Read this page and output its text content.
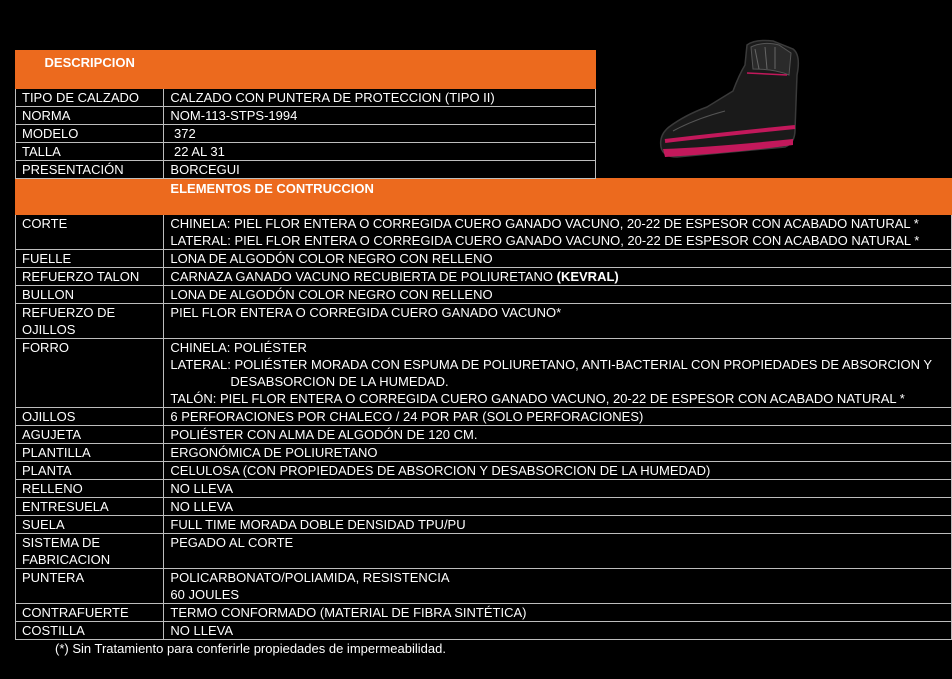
DESCRIPCION		
TIPO DE CALZADO	CALZADO CON PUNTERA DE PROTECCION (TIPO II)	
NORMA	NOM-113-STPS-1994	
MODELO	372	
TALLA	22 AL 31	
PRESENTACIÓN	BORCEGUI	
	ELEMENTOS DE CONTRUCCION	
CORTE	CHINELA: PIEL FLOR ENTERA O CORREGIDA CUERO GANADO VACUNO, 20-22 DE ESPESOR CON ACABADO NATURAL *
LATERAL: PIEL FLOR ENTERA O CORREGIDA CUERO GANADO VACUNO, 20-22 DE ESPESOR CON ACABADO NATURAL *	

FUELLE	LONA DE ALGODÓN COLOR NEGRO CON RELLENO	
REFUERZO TALON	CARNAZA GANADO VACUNO RECUBIERTA DE POLIURETANO (KEVRAL)	
BULLON	LONA DE ALGODÓN COLOR NEGRO CON RELLENO	

REFUERZO DE
OJILLOS	PIEL FLOR ENTERA O CORREGIDA CUERO GANADO VACUNO*	
FORRO	CHINELA: POLIÉSTER
LATERAL: POLIÉSTER MORADA CON ESPUMA DE POLIURETANO, ANTI-BACTERIAL CON PROPIEDADES DE ABSORCION Y
DESABSORCION DE LA HUMEDAD.
TALÓN: PIEL FLOR ENTERA O CORREGIDA CUERO GANADO VACUNO, 20-22 DE ESPESOR CON ACABADO NATURAL *	

OJILLOS	6 PERFORACIONES POR CHALECO / 24 POR PAR (SOLO PERFORACIONES)	
AGUJETA	POLIÉSTER CON ALMA DE ALGODÓN DE 120 CM.	
PLANTILLA	ERGONÓMICA DE POLIURETANO	
PLANTA	CELULOSA (CON PROPIEDADES DE ABSORCION Y DESABSORCION DE LA HUMEDAD)	
RELLENO	NO LLEVA	
ENTRESUELA	NO LLEVA	
SUELA	FULL TIME MORADA DOBLE DENSIDAD TPU/PU	

SISTEMA DE
FABRICACION	PEGADO AL CORTE	
PUNTERA	POLICARBONATO/POLIAMIDA, RESISTENCIA
60 JOULES	

CONTRAFUERTE	TERMO CONFORMADO (MATERIAL DE FIBRA SINTÉTICA)	
COSTILLA	NO LLEVA	
(*) Sin Tratamiento para conferirle propiedades de impermeabilidad.
